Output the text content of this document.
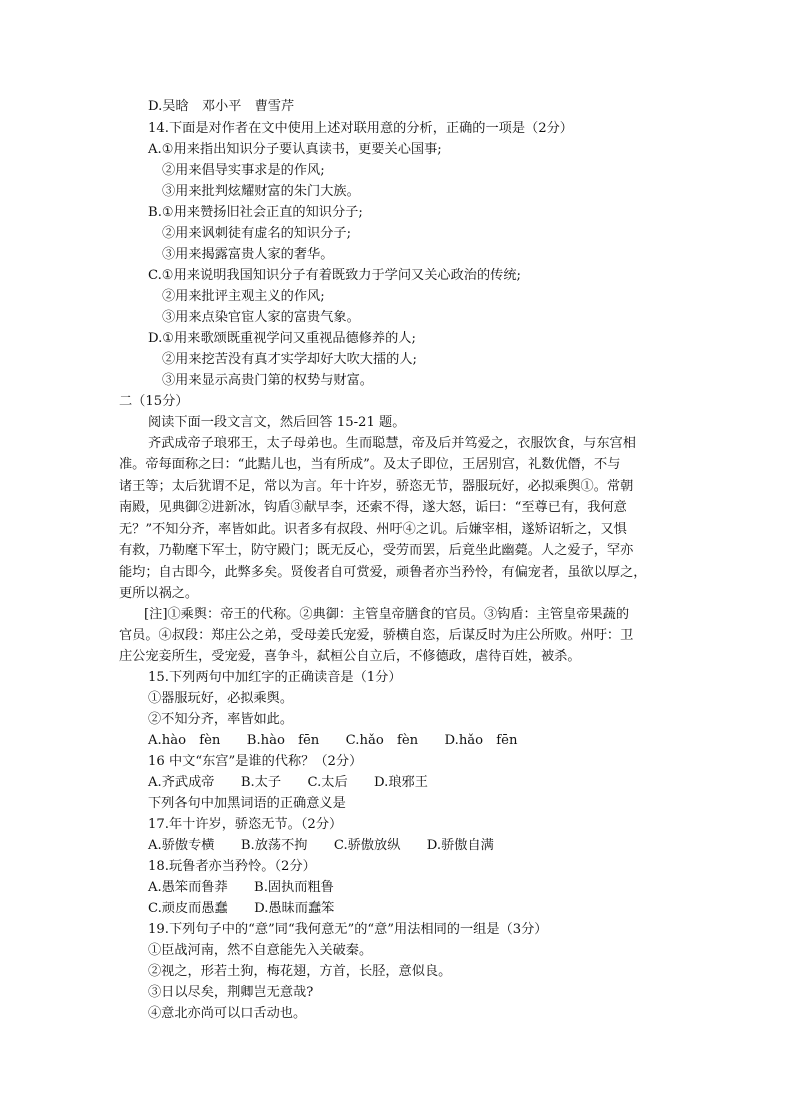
D.吴晗　邓小平　曹雪芹
14.下面是对作者在文中使用上述对联用意的分析，正确的一项是（2分）
A.①用来指出知识分子要认真读书，更要关心国事;
②用来倡导实事求是的作风;
③用来批判炫耀财富的朱门大族。
B.①用来赞扬旧社会正直的知识分子;
②用来讽刺徒有虚名的知识分子;
③用来揭露富贵人家的奢华。
C.①用来说明我国知识分子有着既致力于学问又关心政治的传统;
②用来批评主观主义的作风;
③用来点染官宦人家的富贵气象。
D.①用来歌颂既重视学问又重视品德修养的人;
②用来挖苦没有真才实学却好大吹大擂的人;
③用来显示高贵门第的权势与财富。
二（15分）
阅读下面一段文言文，然后回答 15-21 题。
齐武成帝子琅邪王，太子母弟也。生而聪慧，帝及后并笃爱之，衣服饮食，与东宫相
准。帝每面称之曰：“此黠儿也，当有所成”。及太子即位，王居别宫，礼数优僭，不与
诸王等；太后犹谓不足，常以为言。年十许岁，骄恣无节，器服玩好，必拟乘舆①。常朝
南殿，见典御②进新冰，钩盾③献早李，还索不得，遂大怒，诟曰：“至尊已有，我何意
无？”不知分齐，率皆如此。识者多有叔段、州吁④之讥。后嫌宰相，遂矫诏斩之，又惧
有救，乃勒麾下军士，防守殿门；既无反心，受劳而罢，后竟坐此幽薨。人之爱子，罕亦
能均；自古即今，此弊多矣。贤俊者自可赏爱，顽鲁者亦当矜怜，有偏宠者，虽欲以厚之，
更所以祸之。
[注]①乘舆：帝王的代称。②典御：主管皇帝膳食的官员。③钩盾：主管皇帝果蔬的
官员。④叔段：郑庄公之弟，受母姜氏宠爱，骄横自恣，后谋反时为庄公所败。州吁：卫
庄公宠妾所生，受宠爱，喜争斗，弑桓公自立后，不修德政，虐待百姓，被杀。
15.下列两句中加红字的正确读音是（1分）
①器服玩好，必拟乘舆。
②不知分齐，率皆如此。
A.hào　fèn　　B.hào　fēn　　C.hǎo　fèn　　D.hǎo　fēn
16 中文“东宫”是谁的代称？（2分）
A.齐武成帝　　B.太子　　C.太后　　D.琅邪王
下列各句中加黑词语的正确意义是
17.年十许岁，骄恣无节。（2分）
A.骄傲专横　　B.放荡不拘　　C.骄傲放纵　　D.骄傲自满
18.玩鲁者亦当矜怜。（2分）
A.愚笨而鲁莽　　B.固执而粗鲁
C.顽皮而愚蠢　　D.愚昧而蠢笨
19.下列句子中的“意”同“我何意无”的“意”用法相同的一组是（3分）
①臣战河南，然不自意能先入关破秦。
②视之，形若土狗，梅花翅，方首，长胫，意似良。
③日以尽矣，荆卿岂无意哉?
④意北亦尚可以口舌动也。
